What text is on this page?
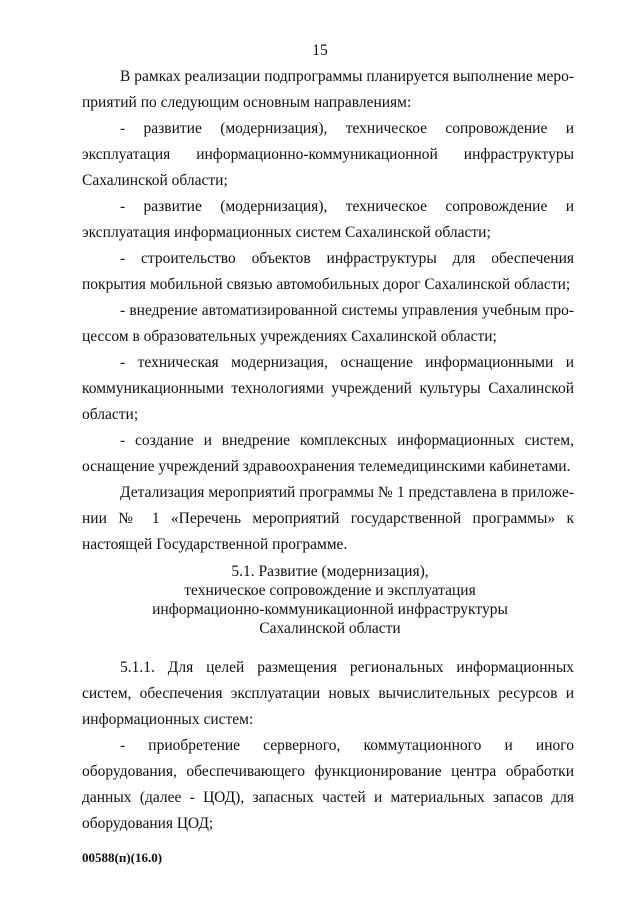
15

В рамках реализации подпрограммы планируется выполнение мероприятий по следующим основным направлениям:

- развитие (модернизация), техническое сопровождение и эксплуатация информационно-коммуникационной инфраструктуры Сахалинской области;

- развитие (модернизация), техническое сопровождение и эксплуатация информационных систем Сахалинской области;

- строительство объектов инфраструктуры для обеспечения покрытия мобильной связью автомобильных дорог Сахалинской области;

- внедрение автоматизированной системы управления учебным процессом в образовательных учреждениях Сахалинской области;

- техническая модернизация, оснащение информационными и коммуникационными технологиями учреждений культуры Сахалинской области;

- создание и внедрение комплексных информационных систем, оснащение учреждений здравоохранения телемедицинскими кабинетами.

Детализация мероприятий программы № 1 представлена в приложении № 1 «Перечень мероприятий государственной программы» к настоящей Государственной программе.

5.1. Развитие (модернизация),
техническое сопровождение и эксплуатация
информационно-коммуникационной инфраструктуры
Сахалинской области

5.1.1. Для целей размещения региональных информационных систем, обеспечения эксплуатации новых вычислительных ресурсов и информационных систем:

- приобретение серверного, коммутационного и иного оборудования, обеспечивающего функционирование центра обработки данных (далее - ЦОД), запасных частей и материальных запасов для оборудования ЦОД;

00588(п)(16.0)
